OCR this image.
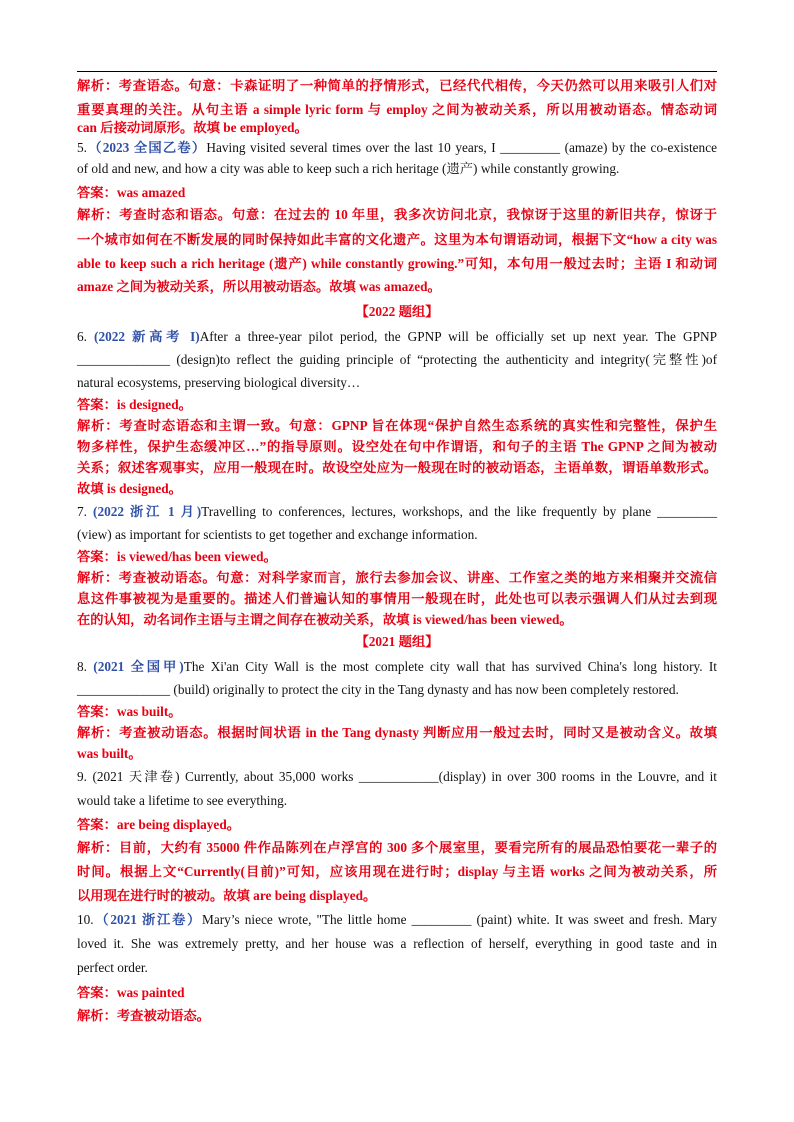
解析：考查语态。句意：卡森证明了一种简单的抒情形式，已经代代相传，今天仍然可以用来吸引人们对
重要真理的关注。从句主语 a simple lyric form 与 employ 之间为被动关系，所以用被动语态。情态动词
can 后接动词原形。故填 be employed。
5.（2023 全国乙卷）Having visited several times over the last 10 years, I _________ (amaze) by the co-existence
of old and new, and how a city was able to keep such a rich heritage (遗产) while constantly growing.
答案：was amazed
解析：考查时态和语态。句意：在过去的 10 年里，我多次访问北京，我惊讶于这里的新旧共存，惊讶于
一个城市如何在不断发展的同时保持如此丰富的文化遗产。这里为本句谓语动词，根据下文“how a city was
able to keep such a rich heritage (遗产) while constantly growing.”可知，本句用一般过去时；主语 I 和动词
amaze 之间为被动关系，所以用被动语态。故填 was amazed。
【2022 题组】
6. (2022 新高考 I)After a three-year pilot period, the GPNP will be officially set up next year. The GPNP
______________ (design)to reflect the guiding principle of “protecting the authenticity and integrity(完整性)of
natural ecosystems, preserving biological diversity…
答案：is designed。
解析：考查时态语态和主谓一致。句意：GPNP 旨在体现“保护自然生态系统的真实性和完整性，保护生
物多样性，保护生态缓冲区…”的指导原则。设空处在句中作谓语，和句子的主语 The GPNP 之间为被动
关系；叙述客观事实，应用一般现在时。故设空处应为一般现在时的被动语态，主语单数，谓语单数形式。
故填 is designed。
7. (2022 浙江 1 月)Travelling to conferences, lectures, workshops, and the like frequently by plane _________
(view) as important for scientists to get together and exchange information.
答案：is viewed/has been viewed。
解析：考查被动语态。句意：对科学家而言，旅行去参加会议、讲座、工作室之类的地方来相聚并交流信
息这件事被视为是重要的。描述人们普遍认知的事情用一般现在时，此处也可以表示强调人们从过去到现
在的认知，动名词作主语与主谓之间存在被动关系，故填 is viewed/has been viewed。
【2021 题组】
8. (2021 全国甲)The Xi'an City Wall is the most complete city wall that has survived China's long history. It
______________ (build) originally to protect the city in the Tang dynasty and has now been completely restored.
答案：was built。
解析：考查被动语态。根据时间状语 in the Tang dynasty 判断应用一般过去时，同时又是被动含义。故填
was built。
9. (2021 天津卷) Currently, about 35,000 works ____________(display) in over 300 rooms in the Louvre, and it
would take a lifetime to see everything.
答案：are being displayed。
解析：目前，大约有 35000 件作品陈列在卢浮宫的 300 多个展室里，要看完所有的展品恐怕要花一辈子的
时间。根据上文“Currently(目前)”可知，应该用现在进行时；display 与主语 works 之间为被动关系，所
以用现在进行时的被动。故填 are being displayed。
10.（2021 浙江卷）Mary’s niece wrote, "The little home _________ (paint) white. It was sweet and fresh. Mary
loved it. She was extremely pretty, and her house was a reflection of herself, everything in good taste and in
perfect order.
答案：was painted
解析：考查被动语态。
